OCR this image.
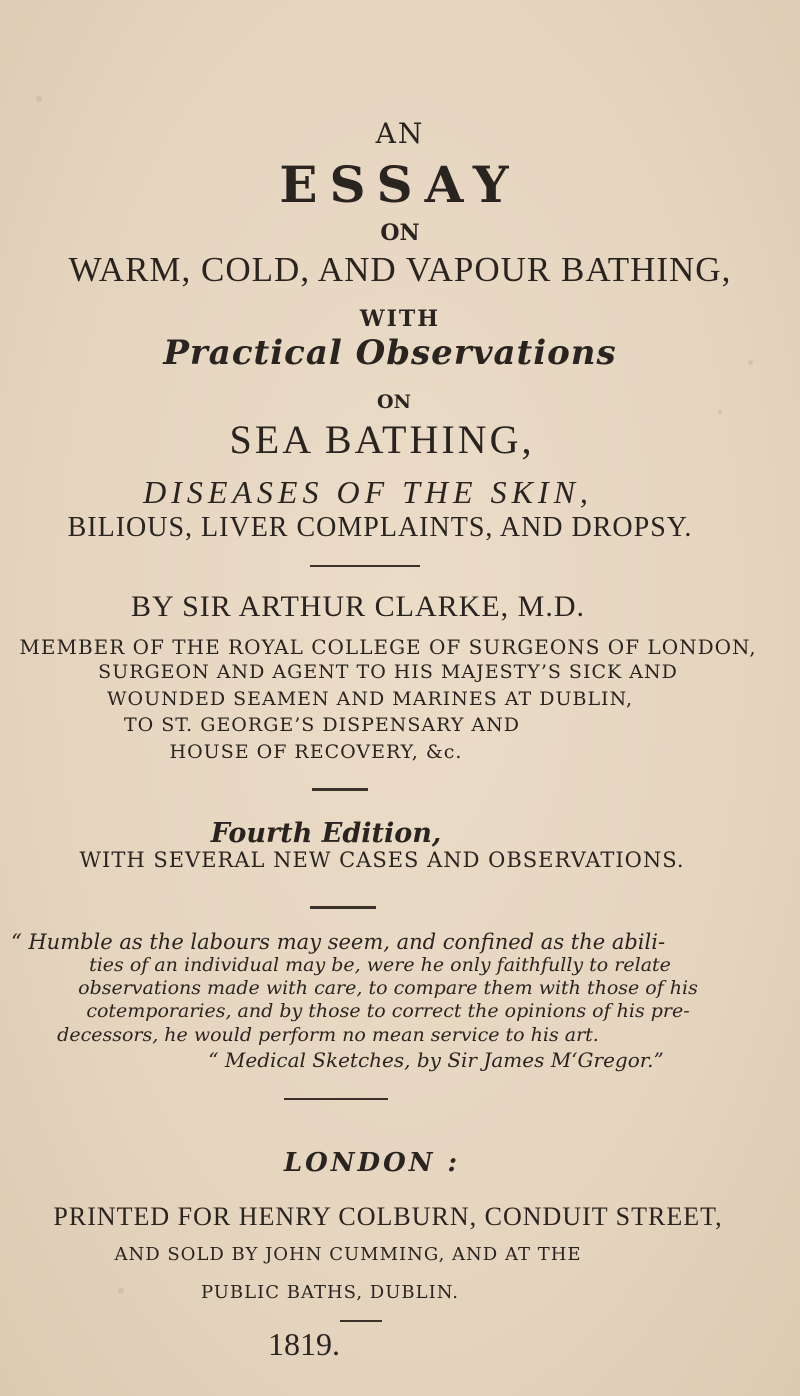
AN
ESSAY
ON
WARM, COLD, AND VAPOUR BATHING,
WITH
Practical Observations
ON
SEA BATHING,
DISEASES OF THE SKIN,
BILIOUS, LIVER COMPLAINTS, AND DROPSY.
BY SIR ARTHUR CLARKE, M.D.
MEMBER OF THE ROYAL COLLEGE OF SURGEONS OF LONDON,
SURGEON AND AGENT TO HIS MAJESTY’S SICK AND
WOUNDED SEAMEN AND MARINES AT DUBLIN,
TO ST. GEORGE’S DISPENSARY AND
HOUSE OF RECOVERY, &c.
Fourth Edition,
WITH SEVERAL NEW CASES AND OBSERVATIONS.
“ Humble as the labours may seem, and confined as the abili-
ties of an individual may be, were he only faithfully to relate
observations made with care, to compare them with those of his
cotemporaries, and by those to correct the opinions of his pre-
decessors, he would perform no mean service to his art.
“ Medical Sketches, by Sir James M‘Gregor.”
LONDON :
PRINTED FOR HENRY COLBURN, CONDUIT STREET,
AND SOLD BY JOHN CUMMING, AND AT THE
PUBLIC BATHS, DUBLIN.
1819.
